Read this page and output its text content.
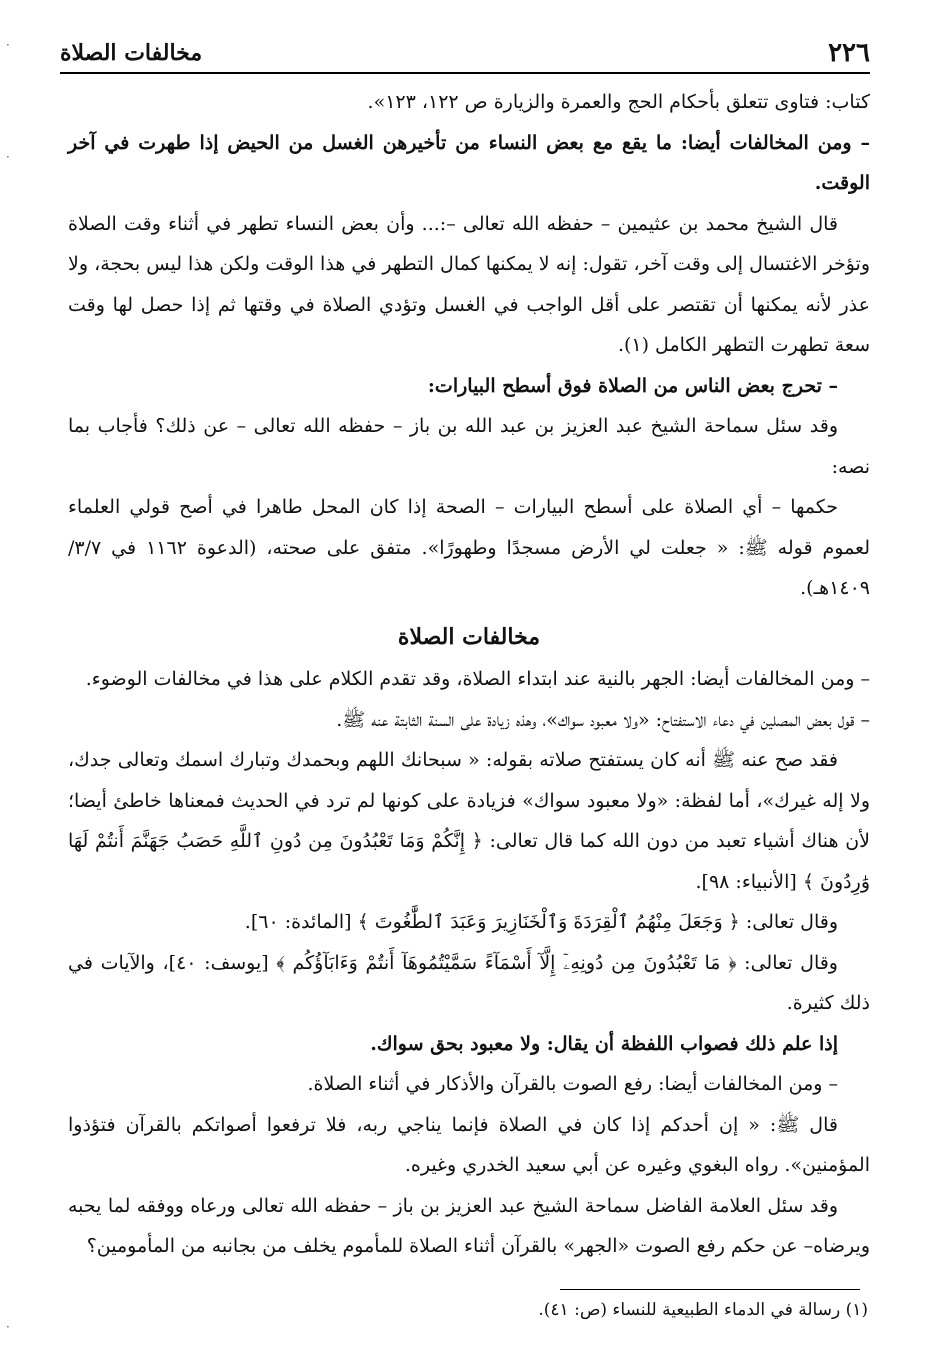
·
·
·
٢٢٦
مخالفات الصلاة

كتاب: فتاوى تتعلق بأحكام الحج والعمرة والزيارة ص ١٢٢، ١٢٣».

– ومن المخالفات أيضا: ما يقع مع بعض النساء من تأخيرهن الغسل من الحيض إذا طهرت في آخر الوقت.

قال الشيخ محمد بن عثيمين – حفظه الله تعالى –:... وأن بعض النساء تطهر في أثناء وقت الصلاة وتؤخر الاغتسال إلى وقت آخر، تقول: إنه لا يمكنها كمال التطهر في هذا الوقت ولكن هذا ليس بحجة، ولا عذر لأنه يمكنها أن تقتصر على أقل الواجب في الغسل وتؤدي الصلاة في وقتها ثم إذا حصل لها وقت سعة تطهرت التطهر الكامل (١).

– تحرج بعض الناس من الصلاة فوق أسطح البيارات:

وقد سئل سماحة الشيخ عبد العزيز بن عبد الله بن باز – حفظه الله تعالى – عن ذلك؟ فأجاب بما نصه:

حكمها – أي الصلاة على أسطح البيارات – الصحة إذا كان المحل طاهرا في أصح قولي العلماء لعموم قوله ﷺ: « جعلت لي الأرض مسجدًا وطهورًا». متفق على صحته، (الدعوة ١١٦٢ في ٣/٧/ ١٤٠٩هـ).

مخالفات الصلاة

– ومن المخالفات أيضا: الجهر بالنية عند ابتداء الصلاة، وقد تقدم الكلام على هذا في مخالفات الوضوء.

– قول بعض المصلين في دعاء الاستفتاح: «ولا معبود سواك»، وهذه زيادة على السنة الثابتة عنه ﷺ.

فقد صح عنه ﷺ أنه كان يستفتح صلاته بقوله: « سبحانك اللهم وبحمدك وتبارك اسمك وتعالى جدك، ولا إله غيرك»، أما لفظة: «ولا معبود سواك» فزيادة على كونها لم ترد في الحديث فمعناها خاطئ أيضا؛ لأن هناك أشياء تعبد من دون الله كما قال تعالى: ﴿ إِنَّكُمْ وَمَا تَعْبُدُونَ مِن دُونِ ٱللَّهِ حَصَبُ جَهَنَّمَ أَنتُمْ لَهَا وَٰرِدُونَ ﴾ [الأنبياء: ٩٨].

وقال تعالى: ﴿ وَجَعَلَ مِنْهُمُ ٱلْقِرَدَةَ وَٱلْخَنَازِيرَ وَعَبَدَ ٱلطَّٰغُوتَ ﴾ [المائدة: ٦٠].

وقال تعالى: ﴿ مَا تَعْبُدُونَ مِن دُونِهِۦٓ إِلَّآ أَسْمَآءً سَمَّيْتُمُوهَآ أَنتُمْ وَءَابَآؤُكُم ﴾ [يوسف: ٤٠]، والآيات في ذلك كثيرة.

إذا علم ذلك فصواب اللفظة أن يقال: ولا معبود بحق سواك.

– ومن المخالفات أيضا: رفع الصوت بالقرآن والأذكار في أثناء الصلاة.

قال ﷺ: « إن أحدكم إذا كان في الصلاة فإنما يناجي ربه، فلا ترفعوا أصواتكم بالقرآن فتؤذوا المؤمنين». رواه البغوي وغيره عن أبي سعيد الخدري وغيره.

وقد سئل العلامة الفاضل سماحة الشيخ عبد العزيز بن باز – حفظه الله تعالى ورعاه ووفقه لما يحبه ويرضاه– عن حكم رفع الصوت «الجهر» بالقرآن أثناء الصلاة للمأموم يخلف من بجانبه من المأمومين؟

(١) رسالة في الدماء الطبيعية للنساء (ص: ٤١).
